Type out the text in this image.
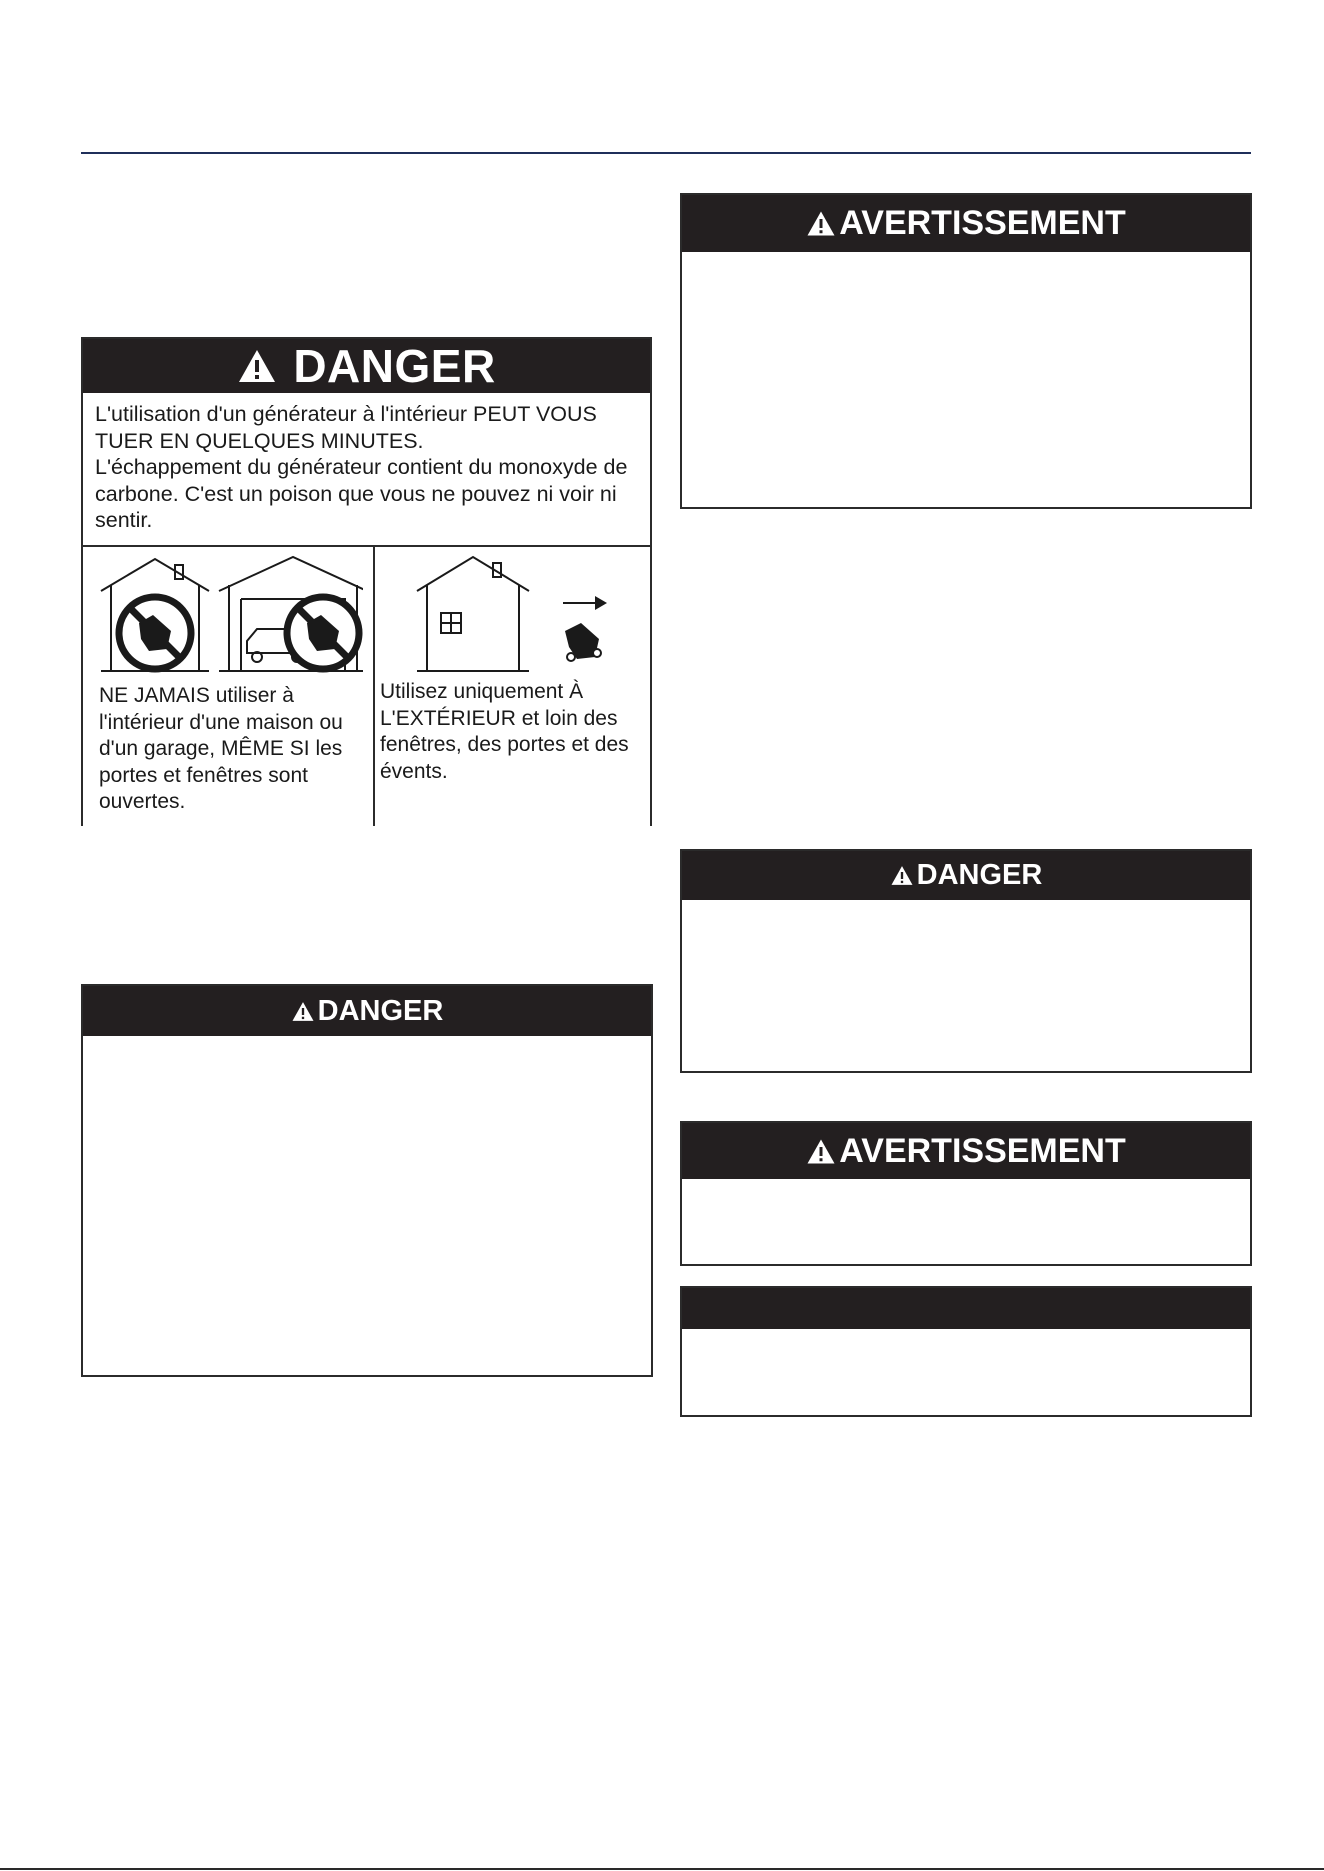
DANGER
L'utilisation d'un générateur à l'intérieur PEUT VOUS
TUER EN QUELQUES MINUTES.
L'échappement du générateur contient du monoxyde de
carbone. C'est un poison que vous ne pouvez ni voir ni
sentir.
NE JAMAIS utiliser à
l'intérieur d'une maison ou
d'un garage, MÊME SI les
portes et fenêtres sont
ouvertes.
Utilisez uniquement À
L'EXTÉRIEUR et loin des
fenêtres, des portes et des
évents.
DANGER
AVERTISSEMENT
DANGER
AVERTISSEMENT
